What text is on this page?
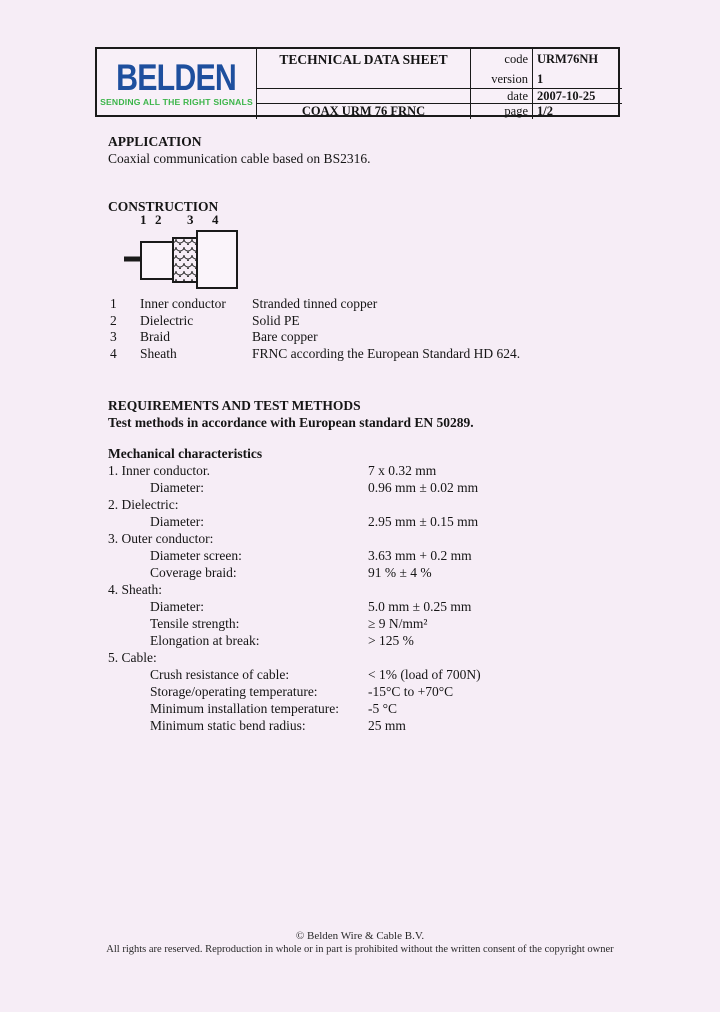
BELDEN
SENDING ALL THE RIGHT SIGNALS
TECHNICAL DATA SHEET
COAX URM 76 FRNC
code URM76NH
version 1
date 2007-10-25
page 1/2
APPLICATION
Coaxial communication cable based on BS2316.
CONSTRUCTION
1 2 3 4
1	Inner conductor	Stranded tinned copper
2	Dielectric	Solid PE
3	Braid	Bare copper
4	Sheath	FRNC according the European Standard HD 624.
REQUIREMENTS AND TEST METHODS
Test methods in accordance with European standard EN 50289.
Mechanical characteristics
1. Inner conductor.	7 x 0.32 mm
Diameter:	0.96 mm ± 0.02 mm
2. Dielectric:
Diameter:	2.95 mm ± 0.15 mm
3. Outer conductor:
Diameter screen:	3.63 mm + 0.2 mm
Coverage braid:	91 % ± 4 %
4. Sheath:
Diameter:	5.0 mm ± 0.25 mm
Tensile strength:	≥ 9 N/mm²
Elongation at break:	> 125 %
5. Cable:
Crush resistance of cable:	< 1% (load of 700N)
Storage/operating temperature:	-15°C to +70°C
Minimum installation temperature:	-5 °C
Minimum static bend radius:	25 mm
© Belden Wire & Cable B.V.
All rights are reserved. Reproduction in whole or in part is prohibited without the written consent of the copyright owner
